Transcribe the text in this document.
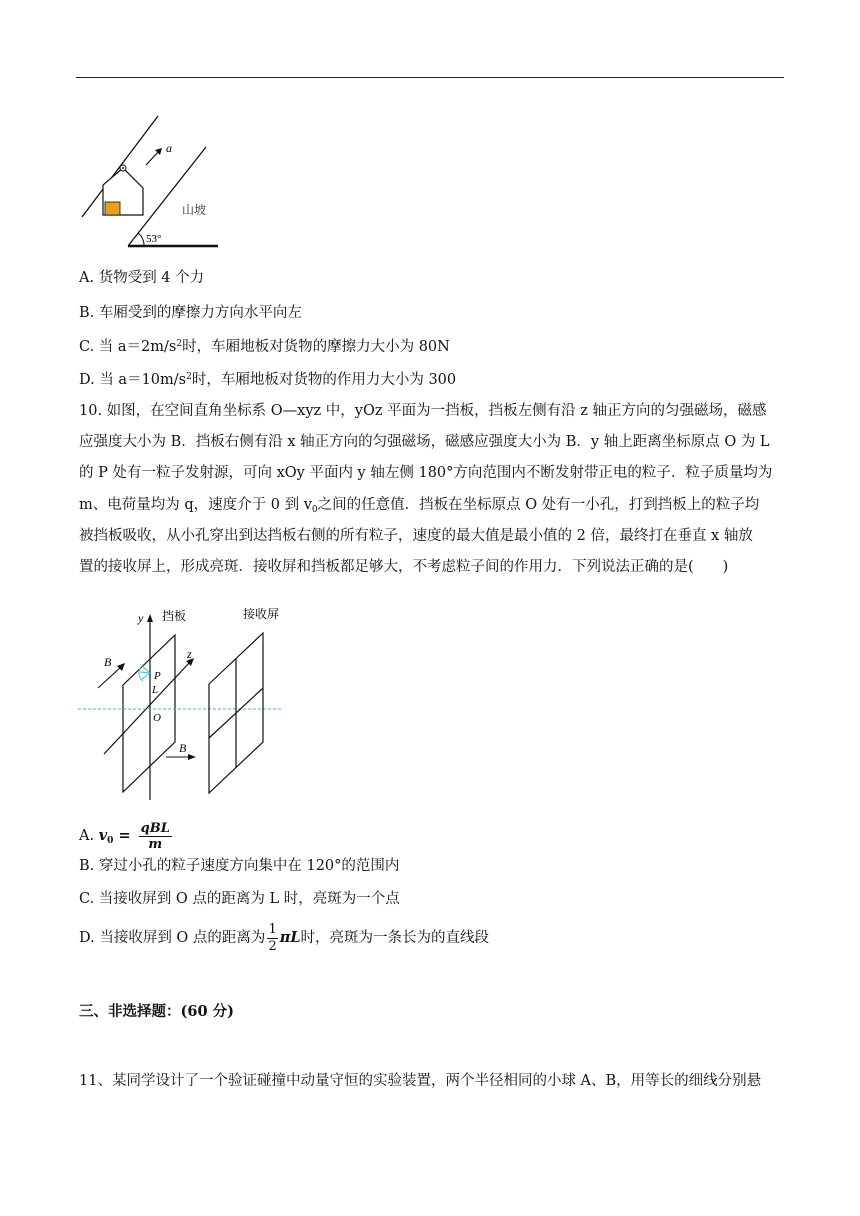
a
山坡
53°
A. 货物受到 4 个力
B. 车厢受到的摩擦力方向水平向左
C. 当 $a=2m/s^2$时，车厢地板对货物的摩擦力大小为 80N
D. 当 $a=10m/s^2$时，车厢地板对货物的作用力大小为 300
10. 如图，在空间直角坐标系 O—xyz 中，yOz 平面为一挡板，挡板左侧有沿 z 轴正方向的匀强磁场，磁感
应强度大小为 B．挡板右侧有沿 x 轴正方向的匀强磁场，磁感应强度大小为 B．y 轴上距离坐标原点 O 为 L
的 P 处有一粒子发射源，可向 xOy 平面内 y 轴左侧 180°方向范围内不断发射带正电的粒子．粒子质量均为
m、电荷量均为 q，速度介于 0 到 $v_0$之间的任意值．挡板在坐标原点 O 处有一小孔，打到挡板上的粒子均
被挡板吸收，从小孔穿出到达挡板右侧的所有粒子，速度的最大值是最小值的 2 倍，最终打在垂直 x 轴放
置的接收屏上，形成亮斑．接收屏和挡板都足够大，不考虑粒子间的作用力．下列说法正确的是(　　)
y 挡板
z
B
B
P
L
O
接收屏
A. $v_0 = \frac{\text{qBL}}{m}$
B. 穿过小孔的粒子速度方向集中在 120°的范围内
C. 当接收屏到 O 点的距离为 L 时，亮斑为一个点
D. 当接收屏到 O 点的距离为 $\frac{1}{2}$ πL时，亮斑为一条长为的直线段
三、非选择题：(60 分)
11、某同学设计了一个验证碰撞中动量守恒的实验装置，两个半径相同的小球 A、B，用等长的细线分别悬
